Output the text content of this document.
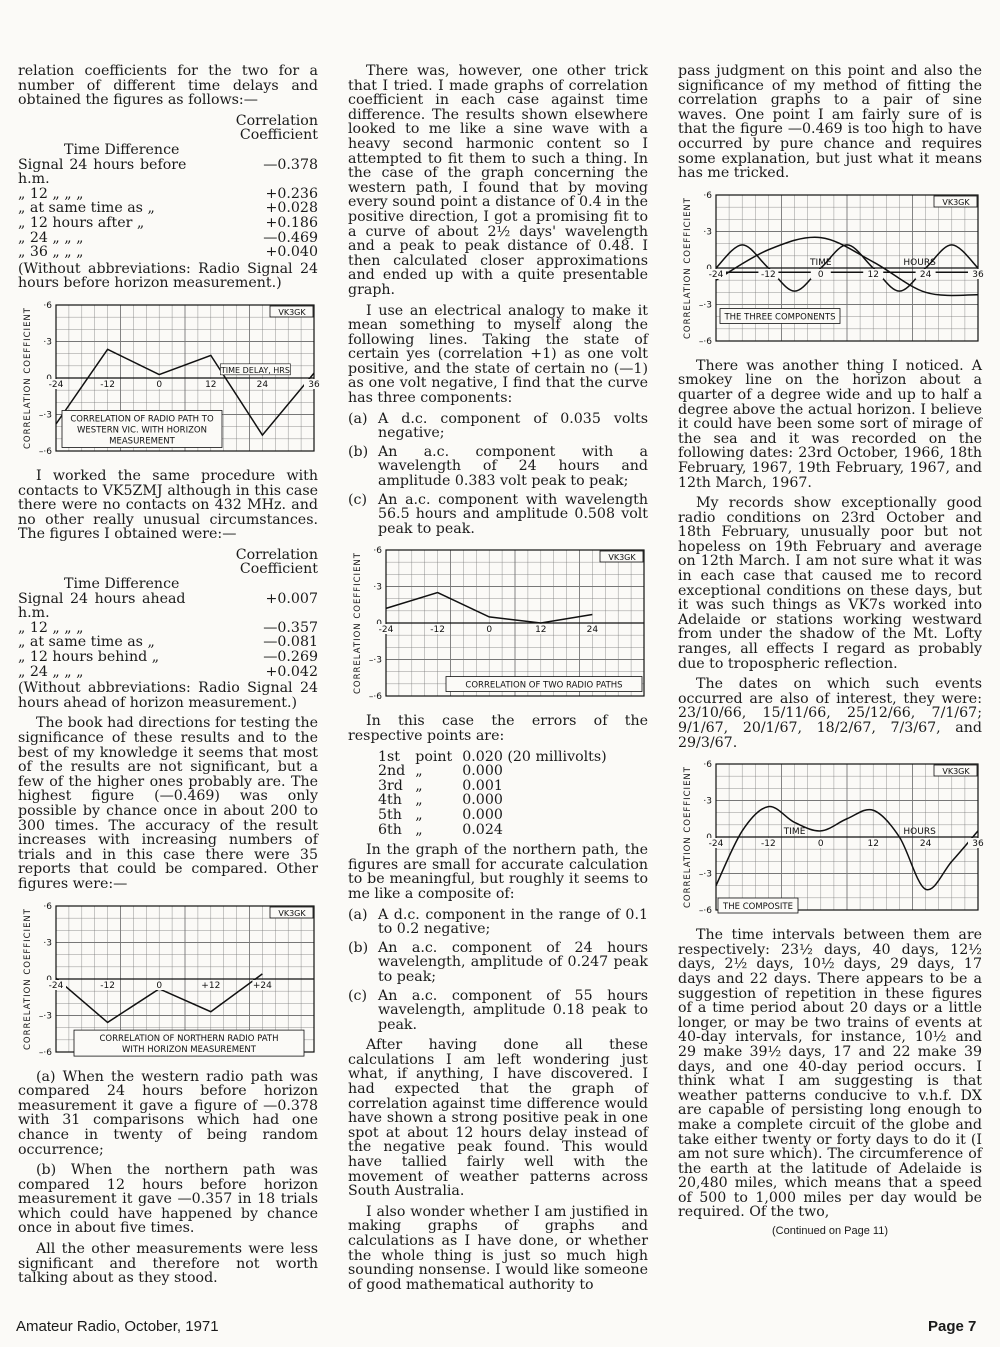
relation coefficients for the two for a number of different time delays and obtained the figures as follows:—

	Correlation Coefficient
Time Difference	
Signal 24 hours before h.m.	—0.378
„ 12 „ „ „	+0.236
„ at same time as „	+0.028
„ 12 hours after „	+0.186
„ 24 „ „ „	—0.469
„ 36 „ „ „	+0.040

(Without abbreviations: Radio Signal 24 hours before horizon measurement.)

·6
·3
–·3
–·6
CORRELATION COEFFICIENT	VK3GK
-24	-12	0	12	24	36
TIME DELAY, HRS
CORRELATION OF RADIO PATH TO
WESTERN VIC. WITH HORIZON
MEASUREMENT

I worked the same procedure with contacts to VK5ZMJ although in this case there were no contacts on 432 MHz. and no other really unusual circumstances. The figures I obtained were:—

	Correlation Coefficient
Time Difference	
Signal 24 hours ahead h.m.	+0.007
„ 12 „ „ „	—0.357
„ at same time as „	—0.081
„ 12 hours behind „	—0.269
„ 24 „ „ „	+0.042

(Without abbreviations: Radio Signal 24 hours ahead of horizon measurement.)

The book had directions for testing the significance of these results and to the best of my knowledge it seems that most of the results are not significant, but a few of the higher ones probably are. The highest figure (—0.469) was only possible by chance once in about 200 to 300 times. The accuracy of the result increases with increasing numbers of trials and in this case there were 35 reports that could be compared. Other figures were:—

·6
·3
–·3
–·6
CORRELATION COEFFICIENT	VK3GK
-24	-12	0	+12	+24
CORRELATION OF NORTHERN RADIO PATH
WITH HORIZON MEASUREMENT

(a) When the western radio path was compared 24 hours before horizon measurement it gave a figure of —0.378 with 31 comparisons which had one chance in twenty of being random occurrence;

(b) When the northern path was compared 12 hours before horizon measurement it gave —0.357 in 18 trials which could have happened by chance once in about five times.

All the other measurements were less significant and therefore not worth talking about as they stood.

There was, however, one other trick that I tried. I made graphs of correlation coefficient in each case against time difference. The results shown elsewhere looked to me like a sine wave with a heavy second harmonic content so I attempted to fit them to such a thing. In the case of the graph concerning the western path, I found that by moving every sound point a distance of 0.4 in the positive direction, I got a promising fit to a curve of about 2½ days' wavelength and a peak to peak distance of 0.48. I then calculated closer approximations and ended up with a quite presentable graph.

I use an electrical analogy to make it mean something to myself along the following lines. Taking the state of certain yes (correlation +1) as one volt positive, and the state of certain no (—1) as one volt negative, I find that the curve has three components:

(a) A d.c. component of 0.035 volts negative;
(b) An a.c. component with a wavelength of 24 hours and amplitude 0.383 volt peak to peak;
(c) An a.c. component with wavelength 56.5 hours and amplitude 0.508 volt peak to peak.
·6
·3
–·3
–·6
CORRELATION COEFFICIENT	VK3GK
-24	-12	0	12	24
CORRELATION OF TWO RADIO PATHS

In this case the errors of the respective points are:

1st	point	0.020 (20 millivolts)
2nd	„	0.000
3rd	„	0.001
4th	„	0.000
5th	„	0.000
6th	„	0.024

In the graph of the northern path, the figures are small for accurate calculation to be meaningful, but roughly it seems to me like a composite of:

(a) A d.c. component in the range of 0.1 to 0.2 negative;
(b) An a.c. component of 24 hours wavelength, amplitude of 0.247 peak to peak;
(c) An a.c. component of 55 hours wavelength, amplitude 0.18 peak to peak.

After having done all these calculations I am left wondering just what, if anything, I have discovered. I had expected that the graph of correlation against time difference would have shown a strong positive peak in one spot at about 12 hours delay instead of the negative peak found. This would have tallied fairly well with the movement of weather patterns across South Australia.

I also wonder whether I am justified in making graphs of graphs and calculations as I have done, or whether the whole thing is just so much high sounding nonsense. I would like someone of good mathematical authority to

pass judgment on this point and also the significance of my method of fitting the correlation graphs to a pair of sine waves. One point I am fairly sure of is that the figure —0.469 is too high to have occurred by pure chance and requires some explanation, but just what it means has me tricked.

·6
·3
–·3
–·6
CORRELATION COEFFICIENT	VK3GK
-24	-12	0	12	24	36
TIME	HOURS
THE THREE COMPONENTS

There was another thing I noticed. A smokey line on the horizon about a quarter of a degree wide and up to half a degree above the actual horizon. I believe it could have been some sort of mirage of the sea and it was recorded on the following dates: 23rd October, 1966, 18th February, 1967, 19th February, 1967, and 12th March, 1967.

My records show exceptionally good radio conditions on 23rd October and 18th February, unusually poor but not hopeless on 19th February and average on 12th March. I am not sure what it was in each case that caused me to record exceptional conditions on these days, but it was such things as VK7s worked into Adelaide or stations working westward from under the shadow of the Mt. Lofty ranges, all effects I regard as probably due to tropospheric reflection.

The dates on which such events occurred are also of interest, they were: 23/10/66, 15/11/66, 25/12/66, 7/1/67; 9/1/67, 20/1/67, 18/2/67, 7/3/67, and 29/3/67.

·6
·3
–·3
–·6
CORRELATION COEFFICIENT	VK3GK
-24	-12	0	12	24	36
TIME	HOURS
THE COMPOSITE

The time intervals between them are respectively: 23½ days, 40 days, 12½ days, 2½ days, 10½ days, 29 days, 17 days and 22 days. There appears to be a suggestion of repetition in these figures of a time period about 20 days or a little longer, or may be two trains of events at 40-day intervals, for instance, 10½ and 29 make 39½ days, 17 and 22 make 39 days, and one 40-day period occurs. I think what I am suggesting is that weather patterns conducive to v.h.f. DX are capable of persisting long enough to make a complete circuit of the globe and take either twenty or forty days to do it (I am not sure which). The circumference of the earth at the latitude of Adelaide is 20,480 miles, which means that a speed of 500 to 1,000 miles per day would be required. Of the two,

(Continued on Page 11)
Amateur Radio, October, 1971	Page 7
